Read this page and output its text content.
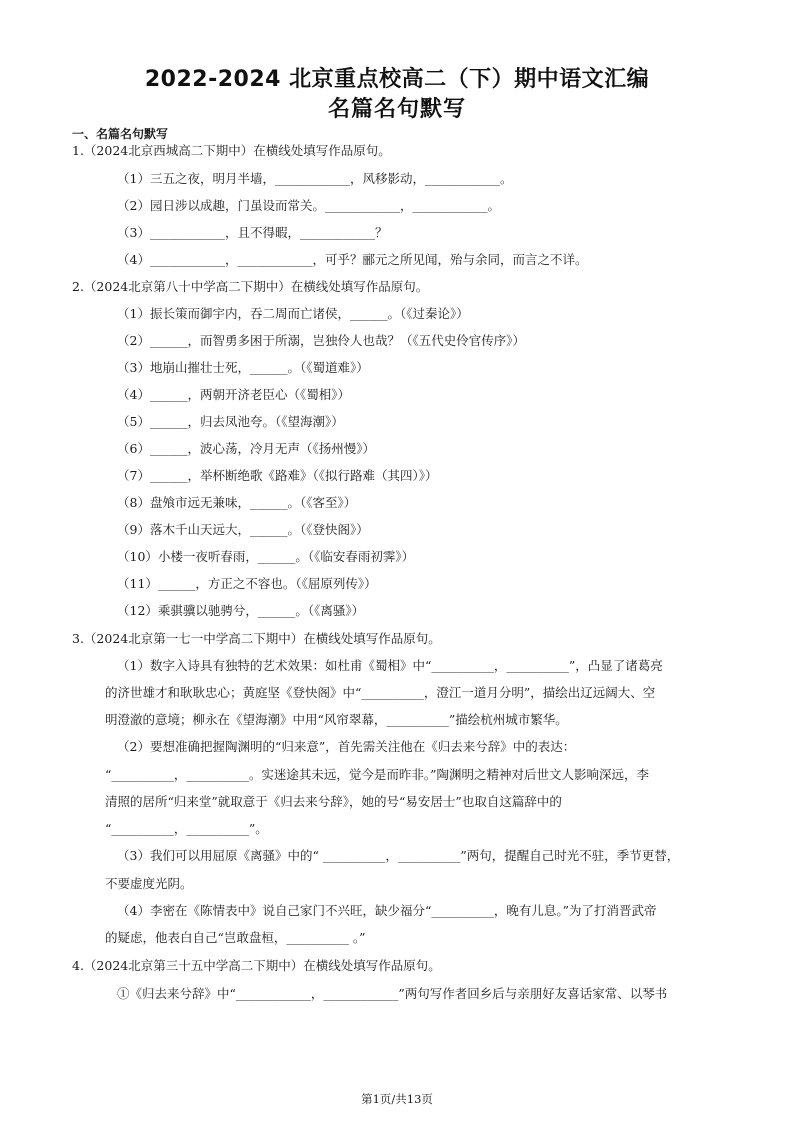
2022-2024 北京重点校高二（下）期中语文汇编
名篇名句默写
一、名篇名句默写
1.（2024北京西城高二下期中）在横线处填写作品原句。
（1）三五之夜，明月半墙，____________，风移影动，____________。
（2）园日涉以成趣，门虽设而常关。____________，____________。
（3）____________，且不得暇，____________？
（4）____________，____________，可乎？郦元之所见闻，殆与余同，而言之不详。
2.（2024北京第八十中学高二下期中）在横线处填写作品原句。
（1）振长策而御宇内，吞二周而亡诸侯，______。（《过秦论》）
（2）______，而智勇多困于所溺，岂独伶人也哉？（《五代史伶官传序》）
（3）地崩山摧壮士死，______。（《蜀道难》）
（4）______，两朝开济老臣心（《蜀相》）
（5）______，归去凤池夸。（《望海潮》）
（6）______，波心荡，冷月无声（《扬州慢》）
（7）______，举杯断绝歌《路难》（《拟行路难（其四）》）
（8）盘飧市远无兼味，______。（《客至》）
（9）落木千山天远大，______。（《登快阁》）
（10）小楼一夜听春雨，______。（《临安春雨初霁》）
（11）______，方正之不容也。（《屈原列传》）
（12）乘骐骥以驰骋兮，______。（《离骚》）
3.（2024北京第一七一中学高二下期中）在横线处填写作品原句。
（1）数字入诗具有独特的艺术效果：如杜甫《蜀相》中“__________，__________”，凸显了诸葛亮
的济世雄才和耿耿忠心；黄庭坚《登快阁》中“__________，澄江一道月分明”，描绘出辽远阔大、空
明澄澈的意境；柳永在《望海潮》中用“风帘翠幕，__________”描绘杭州城市繁华。
（2）要想准确把握陶渊明的“归来意”，首先需关注他在《归去来兮辞》中的表达：
“__________，__________。实迷途其未远，觉今是而昨非。”陶渊明之精神对后世文人影响深远，李
清照的居所“归来堂”就取意于《归去来兮辞》，她的号“易安居士”也取自这篇辞中的
“__________，__________”。
（3）我们可以用屈原《离骚》中的“ __________，__________”两句，提醒自己时光不驻，季节更替，
不要虚度光阴。
（4）李密在《陈情表中》说自己家门不兴旺，缺少福分“__________，晚有儿息。”为了打消晋武帝
的疑虑，他表白自己“岂敢盘桓，__________ 。”
4.（2024北京第三十五中学高二下期中）在横线处填写作品原句。
①《归去来兮辞》中“____________，____________”两句写作者回乡后与亲朋好友喜话家常、以琴书
第1页/共13页
